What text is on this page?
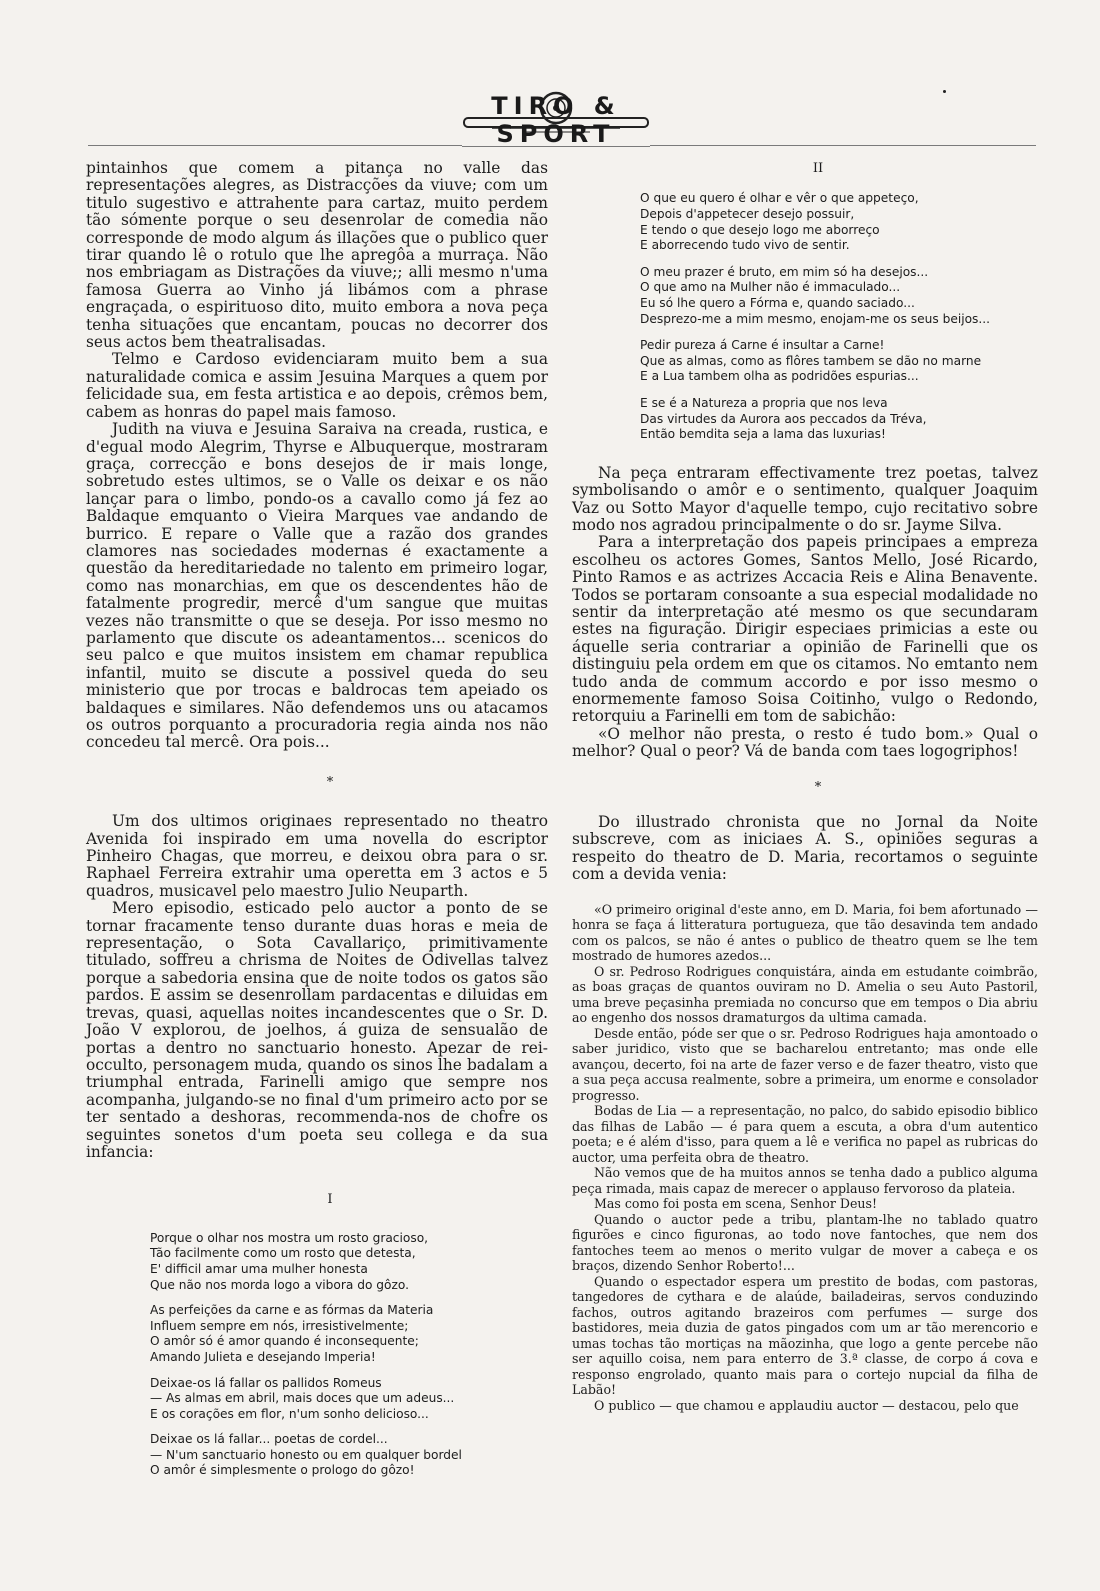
TIRO & SPORT

pintainhos que comem a pitança no valle das representações alegres, as Distracções da viuve; com um titulo sugestivo e attrahente para cartaz, muito perdem tão sómente porque o seu desenrolar de comedia não corresponde de modo algum ás illações que o publico quer tirar quando lê o rotulo que lhe apregôa a murraça. Não nos embriagam as Distrações da viuve;; alli mesmo n'uma famosa Guerra ao Vinho já libámos com a phrase engraçada, o espirituoso dito, muito embora a nova peça tenha situações que encantam, poucas no decorrer dos seus actos bem theatralisadas.

Telmo e Cardoso evidenciaram muito bem a sua naturalidade comica e assim Jesuina Marques a quem por felicidade sua, em festa artistica e ao depois, crêmos bem, cabem as honras do papel mais famoso.

Judith na viuva e Jesuina Saraiva na creada, rustica, e d'egual modo Alegrim, Thyrse e Albuquerque, mostraram graça, correcção e bons desejos de ir mais longe, sobretudo estes ultimos, se o Valle os deixar e os não lançar para o limbo, pondo-os a cavallo como já fez ao Baldaque emquanto o Vieira Marques vae andando de burrico. E repare o Valle que a razão dos grandes clamores nas sociedades modernas é exactamente a questão da hereditariedade no talento em primeiro logar, como nas monarchias, em que os descendentes hão de fatalmente progredir, mercê d'um sangue que muitas vezes não transmitte o que se deseja. Por isso mesmo no parlamento que discute os adeantamentos... scenicos do seu palco e que muitos insistem em chamar republica infantil, muito se discute a possivel queda do seu ministerio que por trocas e baldrocas tem apeiado os baldaques e similares. Não defendemos uns ou atacamos os outros porquanto a procuradoria regia ainda nos não concedeu tal mercê. Ora pois...

*

Um dos ultimos originaes representado no theatro Avenida foi inspirado em uma novella do escriptor Pinheiro Chagas, que morreu, e deixou obra para o sr. Raphael Ferreira extrahir uma operetta em 3 actos e 5 quadros, musicavel pelo maestro Julio Neuparth.

Mero episodio, esticado pelo auctor a ponto de se tornar fracamente tenso durante duas horas e meia de representação, o Sota Cavallariço, primitivamente titulado, soffreu a chrisma de Noites de Odivellas talvez porque a sabedoria ensina que de noite todos os gatos são pardos. E assim se desenrollam pardacentas e diluidas em trevas, quasi, aquellas noites incandescentes que o Sr. D. João V explorou, de joelhos, á guiza de sensualão de portas a dentro no sanctuario honesto. Apezar de rei-occulto, personagem muda, quando os sinos lhe badalam a triumphal entrada, Farinelli amigo que sempre nos acompanha, julgando-se no final d'um primeiro acto por se ter sentado a deshoras, recommenda-nos de chofre os seguintes sonetos d'um poeta seu collega e da sua infancia:

I

Porque o olhar nos mostra um rosto gracioso,
Tão facilmente como um rosto que detesta,
E' difficil amar uma mulher honesta
Que não nos morda logo a vibora do gôzo.
As perfeições da carne e as fórmas da Materia
Influem sempre em nós, irresistivelmente;
O amôr só é amor quando é inconsequente;
Amando Julieta e desejando Imperia!
Deixae-os lá fallar os pallidos Romeus
— As almas em abril, mais doces que um adeus...
E os corações em flor, n'um sonho delicioso...
Deixae os lá fallar... poetas de cordel...
— N'um sanctuario honesto ou em qualquer bordel
O amôr é simplesmente o prologo do gôzo!

II

O que eu quero é olhar e vêr o que appeteço,
Depois d'appetecer desejo possuir,
E tendo o que desejo logo me aborreço
E aborrecendo tudo vivo de sentir.
O meu prazer é bruto, em mim só ha desejos...
O que amo na Mulher não é immaculado...
Eu só lhe quero a Fórma e, quando saciado...
Desprezo-me a mim mesmo, enojam-me os seus beijos...
Pedir pureza á Carne é insultar a Carne!
Que as almas, como as flôres tambem se dão no marne
E a Lua tambem olha as podridões espurias...
E se é a Natureza a propria que nos leva
Das virtudes da Aurora aos peccados da Tréva,
Então bemdita seja a lama das luxurias!

Na peça entraram effectivamente trez poetas, talvez symbolisando o amôr e o sentimento, qualquer Joaquim Vaz ou Sotto Mayor d'aquelle tempo, cujo recitativo sobre modo nos agradou principalmente o do sr. Jayme Silva.

Para a interpretação dos papeis principaes a empreza escolheu os actores Gomes, Santos Mello, José Ricardo, Pinto Ramos e as actrizes Accacia Reis e Alina Benavente. Todos se portaram consoante a sua especial modalidade no sentir da interpretação até mesmo os que secundaram estes na figuração. Dirigir especiaes primicias a este ou áquelle seria contrariar a opinião de Farinelli que os distinguiu pela ordem em que os citamos. No emtanto nem tudo anda de commum accordo e por isso mesmo o enormemente famoso Soisa Coitinho, vulgo o Redondo, retorquiu a Farinelli em tom de sabichão:

«O melhor não presta, o resto é tudo bom.» Qual o melhor? Qual o peor? Vá de banda com taes logogriphos!

*

Do illustrado chronista que no Jornal da Noite subscreve, com as iniciaes A. S., opiniões seguras a respeito do theatro de D. Maria, recortamos o seguinte com a devida venia:

«O primeiro original d'este anno, em D. Maria, foi bem afortunado — honra se faça á litteratura portugueza, que tão desavinda tem andado com os palcos, se não é antes o publico de theatro quem se lhe tem mostrado de humores azedos...

O sr. Pedroso Rodrigues conquistára, ainda em estudante coimbrão, as boas graças de quantos ouviram no D. Amelia o seu Auto Pastoril, uma breve peçasinha premiada no concurso que em tempos o Dia abriu ao engenho dos nossos dramaturgos da ultima camada.

Desde então, póde ser que o sr. Pedroso Rodrigues haja amontoado o saber juridico, visto que se bacharelou entretanto; mas onde elle avançou, decerto, foi na arte de fazer verso e de fazer theatro, visto que a sua peça accusa realmente, sobre a primeira, um enorme e consolador progresso.

Bodas de Lia — a representação, no palco, do sabido episodio biblico das filhas de Labão — é para quem a escuta, a obra d'um autentico poeta; e é além d'isso, para quem a lê e verifica no papel as rubricas do auctor, uma perfeita obra de theatro.

Não vemos que de ha muitos annos se tenha dado a publico alguma peça rimada, mais capaz de merecer o applauso fervoroso da plateia.

Mas como foi posta em scena, Senhor Deus!

Quando o auctor pede a tribu, plantam-lhe no tablado quatro figurões e cinco figuronas, ao todo nove fantoches, que nem dos fantoches teem ao menos o merito vulgar de mover a cabeça e os braços, dizendo Senhor Roberto!...

Quando o espectador espera um prestito de bodas, com pastoras, tangedores de cythara e de alaúde, bailadeiras, servos conduzindo fachos, outros agitando brazeiros com perfumes — surge dos bastidores, meia duzia de gatos pingados com um ar tão merencorio e umas tochas tão mortiças na mãozinha, que logo a gente percebe não ser aquillo coisa, nem para enterro de 3.ª classe, de corpo á cova e responso engrolado, quanto mais para o cortejo nupcial da filha de Labão!

O publico — que chamou e applaudiu auctor — destacou, pelo que
